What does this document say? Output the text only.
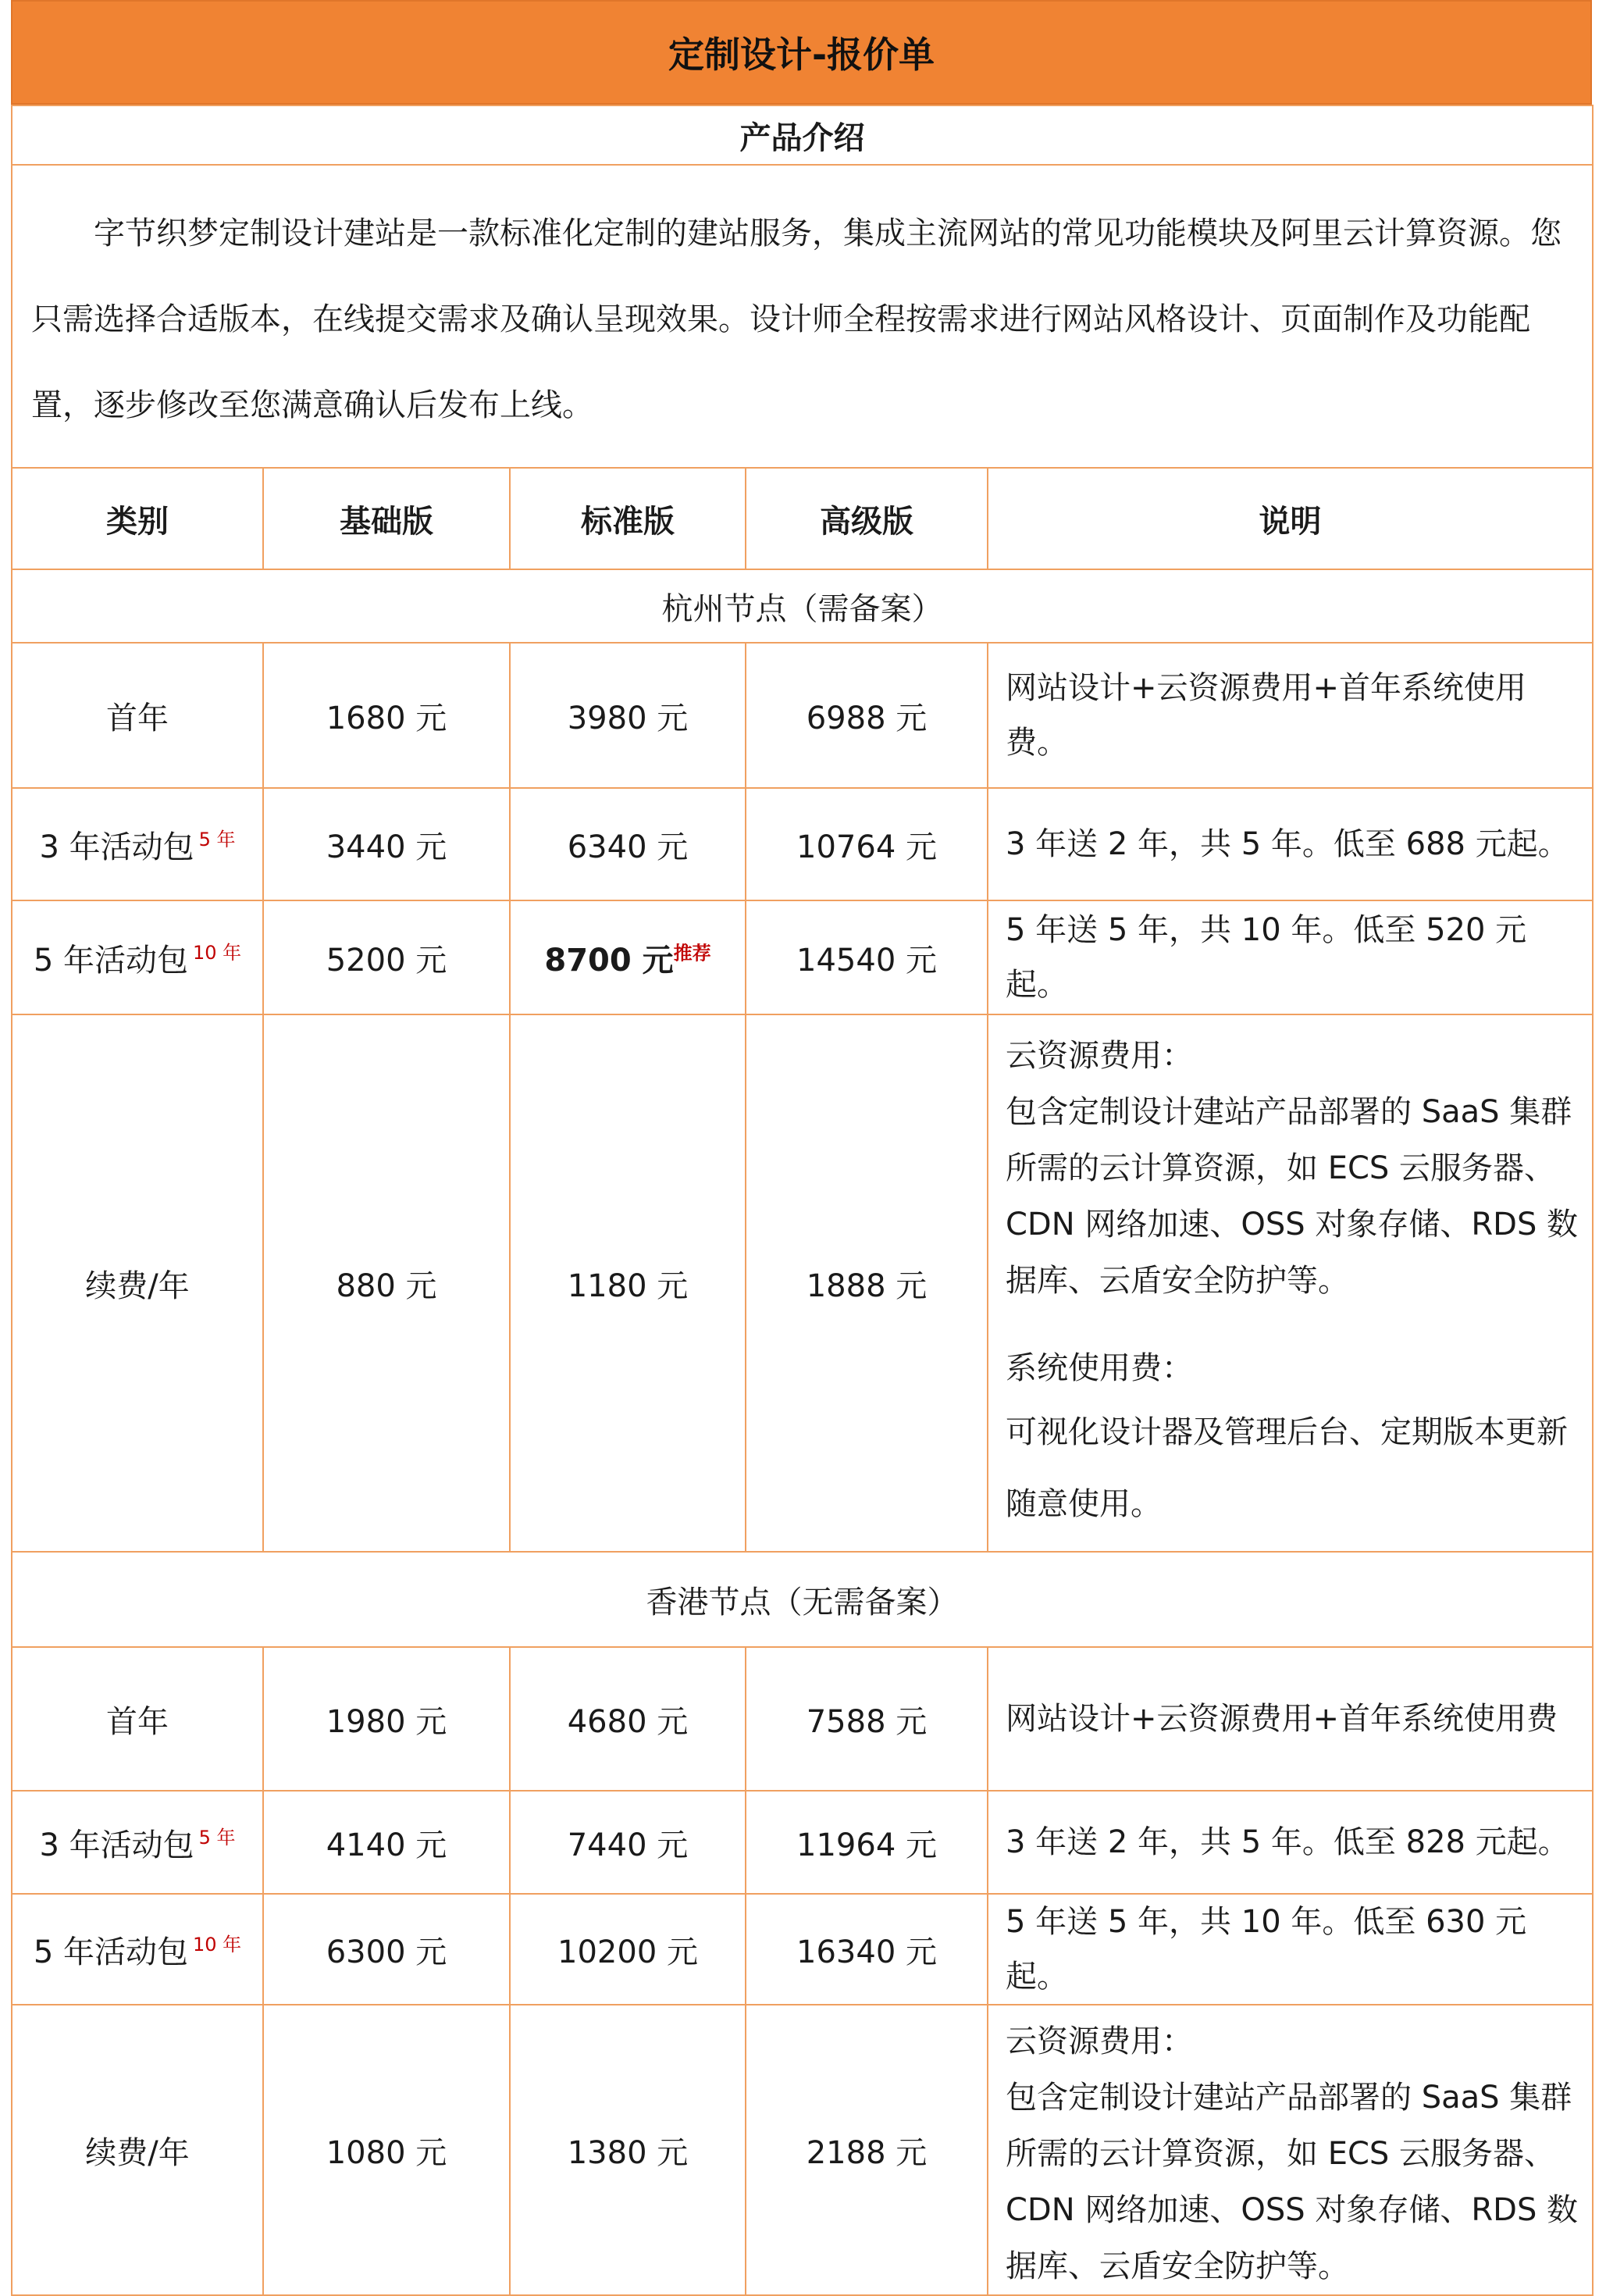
定制设计-报价单
产品介绍				

字节织梦定制设计建站是一款标准化定制的建站服务，集成主流网站的常见功能模块及阿里云计算资源。您只需选择合适版本，在线提交需求及确认呈现效果。设计师全程按需求进行网站风格设计、页面制作及功能配置，逐步修改至您满意确认后发布上线。				

类别	基础版	标准版	高级版	说明
杭州节点（需备案）				
首年	1680 元	3980 元	6988 元	网站设计+云资源费用+首年系统使用费。
3 年活动包 $^{5 年}$	3440 元	6340 元	10764 元	3 年送 2 年，共 5 年。低至 688 元起。
5 年活动包 $^{10 年}$	5200 元	8700 元$^{推荐}$	14540 元	5 年送 5 年，共 10 年。低至 520 元起。
续费/年	880 元	1180 元	1888 元	云资源费用：
包含定制设计建站产品部署的 SaaS 集群所需的云计算资源，如 ECS 云服务器、CDN 网络加速、OSS 对象存储、RDS 数据库、云盾安全防护等。
系统使用费：
可视化设计器及管理后台、定期版本更新随意使用。

香港节点（无需备案）				
首年	1980 元	4680 元	7588 元	网站设计+云资源费用+首年系统使用费
3 年活动包 $^{5 年}$	4140 元	7440 元	11964 元	3 年送 2 年，共 5 年。低至 828 元起。
5 年活动包 $^{10 年}$	6300 元	10200 元	16340 元	5 年送 5 年，共 10 年。低至 630 元起。
续费/年	1080 元	1380 元	2188 元	云资源费用：
包含定制设计建站产品部署的 SaaS 集群所需的云计算资源，如 ECS 云服务器、CDN 网络加速、OSS 对象存储、RDS 数据库、云盾安全防护等。
